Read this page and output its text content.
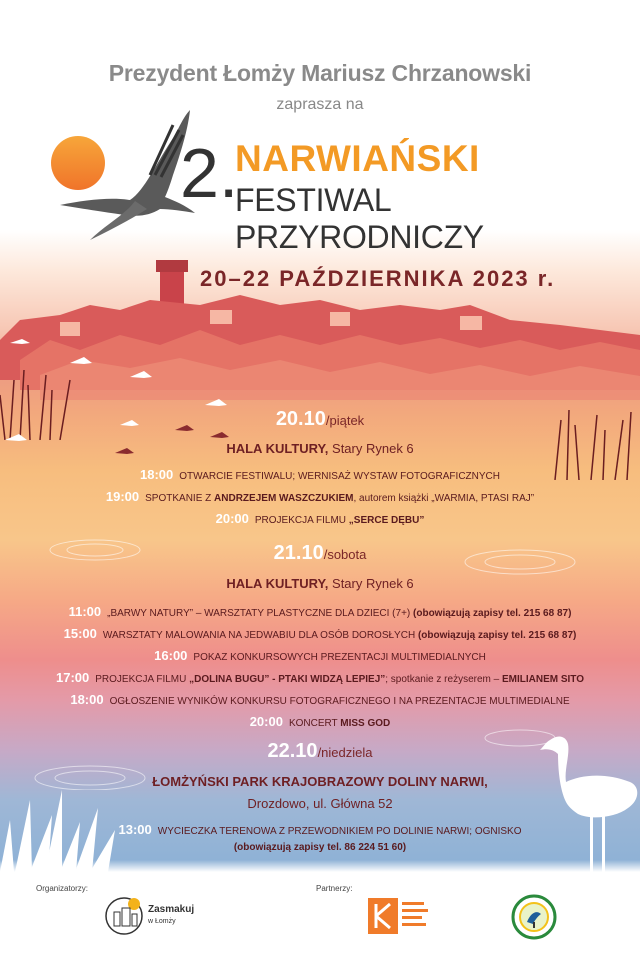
Prezydent Łomży Mariusz Chrzanowski
zaprasza na
2.
NARWIAŃSKI
FESTIWAL PRZYRODNICZY
20–22 PAŹDZIERNIKA 2023 r.
20.10/piątek
HALA KULTURY, Stary Rynek 6
18:00 OTWARCIE FESTIWALU; WERNISAŻ WYSTAW FOTOGRAFICZNYCH
19:00 SPOTKANIE Z ANDRZEJEM WASZCZUKIEM, autorem książki „WARMIA, PTASI RAJ”
20:00 PROJEKCJA FILMU „SERCE DĘBU”
21.10/sobota
HALA KULTURY, Stary Rynek 6
11:00 „BARWY NATURY” – WARSZTATY PLASTYCZNE DLA DZIECI (7+) (obowiązują zapisy tel. 215 68 87)
15:00 WARSZTATY MALOWANIA NA JEDWABIU DLA OSÓB DOROSŁYCH (obowiązują zapisy tel. 215 68 87)
16:00 POKAZ KONKURSOWYCH PREZENTACJI MULTIMEDIALNYCH
17:00 PROJEKCJA FILMU „DOLINA BUGU” - PTAKI WIDZĄ LEPIEJ”; spotkanie z reżyserem – EMILIANEM SITO
18:00 OGŁOSZENIE WYNIKÓW KONKURSU FOTOGRAFICZNEGO I NA PREZENTACJE MULTIMEDIALNE
20:00 KONCERT MISS GOD
22.10/niedziela
ŁOMŻYŃSKI PARK KRAJOBRAZOWY DOLINY NARWI,
Drozdowo, ul. Główna 52
13:00 WYCIECZKA TERENOWA Z PRZEWODNIKIEM PO DOLINIE NARWI; OGNISKO
(obowiązują zapisy tel. 86 224 51 60)
Organizatorzy:	Partnerzy:
Zasmakuj
w Łomży
